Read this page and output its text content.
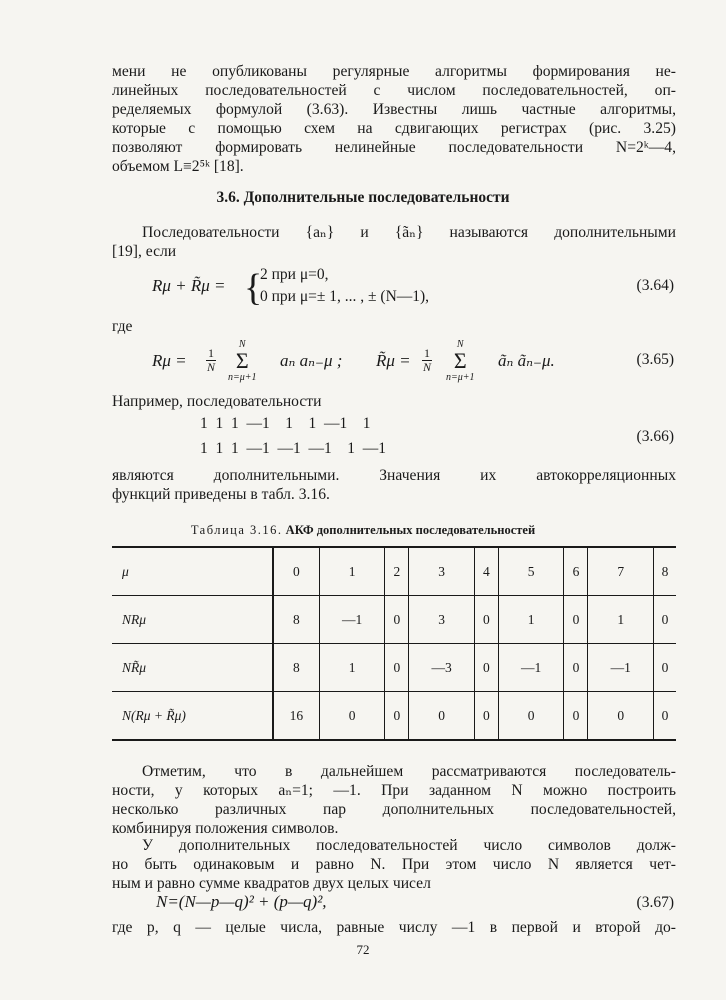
мени не опубликованы регулярные алгоритмы формирования не-
линейных последовательностей с числом последовательностей, оп-
ределяемых формулой (3.63). Известны лишь частные алгоритмы,
которые с помощью схем на сдвигающих регистрах (рис. 3.25)
позволяют формировать нелинейные последовательности N=2ᵏ—4,
объемом L≡2⁵ᵏ [18].
3.6. Дополнительные последовательности
Последовательности {aₙ} и {ãₙ} называются дополнительными
[19], если
Rμ + R̃μ = {
2 при μ=0,
0 при μ=± 1, ... , ± (N—1),
(3.64)
где
$R\mu = \frac{1}{N}$
N
Σ
n=μ+1
aₙ aₙ₋μ ; R̃μ = $\frac{1}{N}$
N
Σ
n=μ+1
ãₙ ãₙ₋μ.	(3.65)
Например, последовательности
1  1  1  —1    1    1  —1    1
1  1  1  —1  —1  —1    1  —1
(3.66)
являются дополнительными. Значения их автокорреляционных
функций приведены в табл. 3.16.
Таблица 3.16. АКФ дополнительных последовательностей
μ	0	1	2	3	4	5	6	7	8
NRμ	8	—1	0	3	0	1	0	1	0
NR̃μ	8	1	0	—3	0	—1	0	—1	0
N(Rμ + R̃μ)	16	0	0	0	0	0	0	0	0
Отметим, что в дальнейшем рассматриваются последователь-
ности, у которых aₙ=1; —1. При заданном N можно построить
несколько различных пар дополнительных последовательностей,
комбинируя положения символов.
У дополнительных последовательностей число символов долж-
но быть одинаковым и равно N. При этом число N является чет-
ным и равно сумме квадратов двух целых чисел
N=(N—p—q)² + (p—q)²,	(3.67)
где p, q — целые числа, равные числу —1 в первой и второй до-
72
